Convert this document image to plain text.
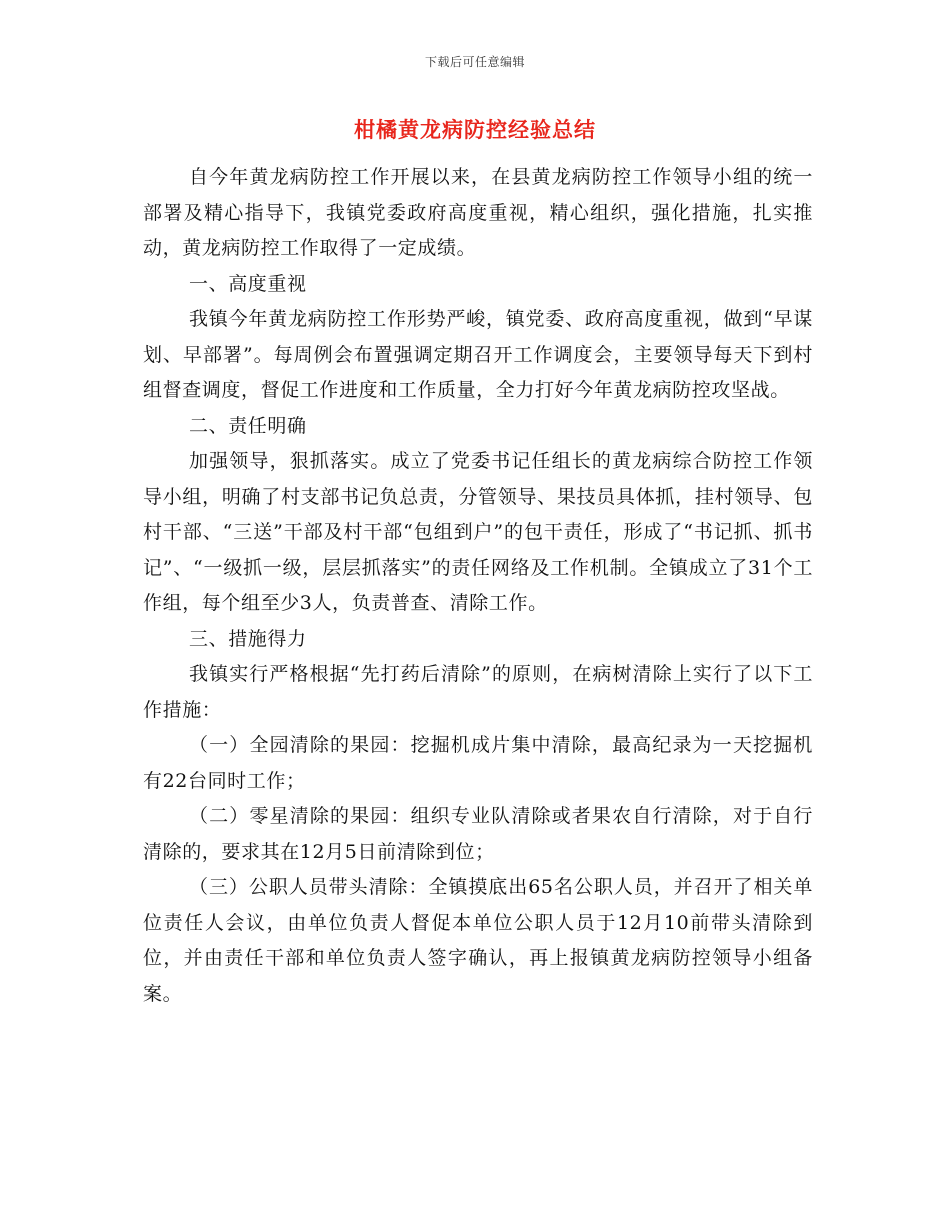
下载后可任意编辑
柑橘黄龙病防控经验总结

自今年黄龙病防控工作开展以来，在县黄龙病防控工作领导小组的统一部署及精心指导下，我镇党委政府高度重视，精心组织，强化措施，扎实推动，黄龙病防控工作取得了一定成绩。

一、高度重视

我镇今年黄龙病防控工作形势严峻，镇党委、政府高度重视，做到“早谋划、早部署”。每周例会布置强调定期召开工作调度会，主要领导每天下到村组督查调度，督促工作进度和工作质量，全力打好今年黄龙病防控攻坚战。

二、责任明确

加强领导，狠抓落实。成立了党委书记任组长的黄龙病综合防控工作领导小组，明确了村支部书记负总责，分管领导、果技员具体抓，挂村领导、包村干部、“三送”干部及村干部“包组到户”的包干责任，形成了“书记抓、抓书记”、“一级抓一级，层层抓落实”的责任网络及工作机制。全镇成立了31个工作组，每个组至少3人，负责普查、清除工作。

三、措施得力

我镇实行严格根据“先打药后清除”的原则，在病树清除上实行了以下工作措施：

（一）全园清除的果园：挖掘机成片集中清除，最高纪录为一天挖掘机有22台同时工作；

（二）零星清除的果园：组织专业队清除或者果农自行清除，对于自行清除的，要求其在12月5日前清除到位；

（三）公职人员带头清除：全镇摸底出65名公职人员，并召开了相关单位责任人会议，由单位负责人督促本单位公职人员于12月10前带头清除到位，并由责任干部和单位负责人签字确认，再上报镇黄龙病防控领导小组备案。
